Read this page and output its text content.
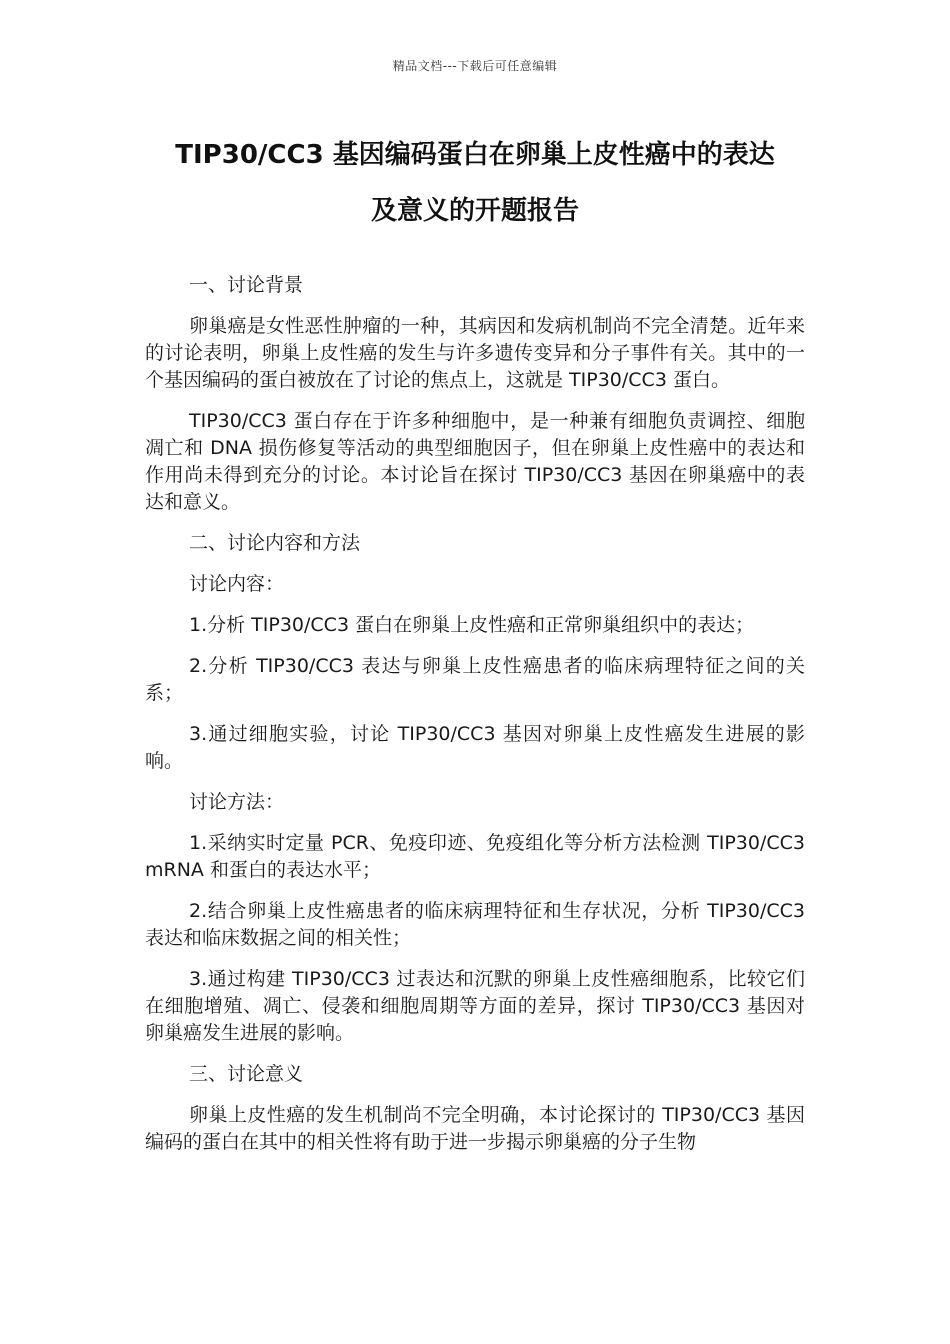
精品文档---下载后可任意编辑
TIP30/CC3 基因编码蛋白在卵巢上皮性癌中的表达
及意义的开题报告

一、讨论背景

卵巢癌是女性恶性肿瘤的一种，其病因和发病机制尚不完全清楚。近年来的讨论表明，卵巢上皮性癌的发生与许多遗传变异和分子事件有关。其中的一个基因编码的蛋白被放在了讨论的焦点上，这就是 TIP30/CC3 蛋白。

TIP30/CC3 蛋白存在于许多种细胞中，是一种兼有细胞负责调控、细胞凋亡和 DNA 损伤修复等活动的典型细胞因子，但在卵巢上皮性癌中的表达和作用尚未得到充分的讨论。本讨论旨在探讨 TIP30/CC3 基因在卵巢癌中的表达和意义。

二、讨论内容和方法

讨论内容：

1.分析 TIP30/CC3 蛋白在卵巢上皮性癌和正常卵巢组织中的表达；

2.分析 TIP30/CC3 表达与卵巢上皮性癌患者的临床病理特征之间的关系；

3.通过细胞实验，讨论 TIP30/CC3 基因对卵巢上皮性癌发生进展的影响。

讨论方法：

1.采纳实时定量 PCR、免疫印迹、免疫组化等分析方法检测 TIP30/CC3 mRNA 和蛋白的表达水平；

2.结合卵巢上皮性癌患者的临床病理特征和生存状况，分析 TIP30/CC3 表达和临床数据之间的相关性；

3.通过构建 TIP30/CC3 过表达和沉默的卵巢上皮性癌细胞系，比较它们在细胞增殖、凋亡、侵袭和细胞周期等方面的差异，探讨 TIP30/CC3 基因对卵巢癌发生进展的影响。

三、讨论意义

卵巢上皮性癌的发生机制尚不完全明确，本讨论探讨的 TIP30/CC3 基因编码的蛋白在其中的相关性将有助于进一步揭示卵巢癌的分子生物
